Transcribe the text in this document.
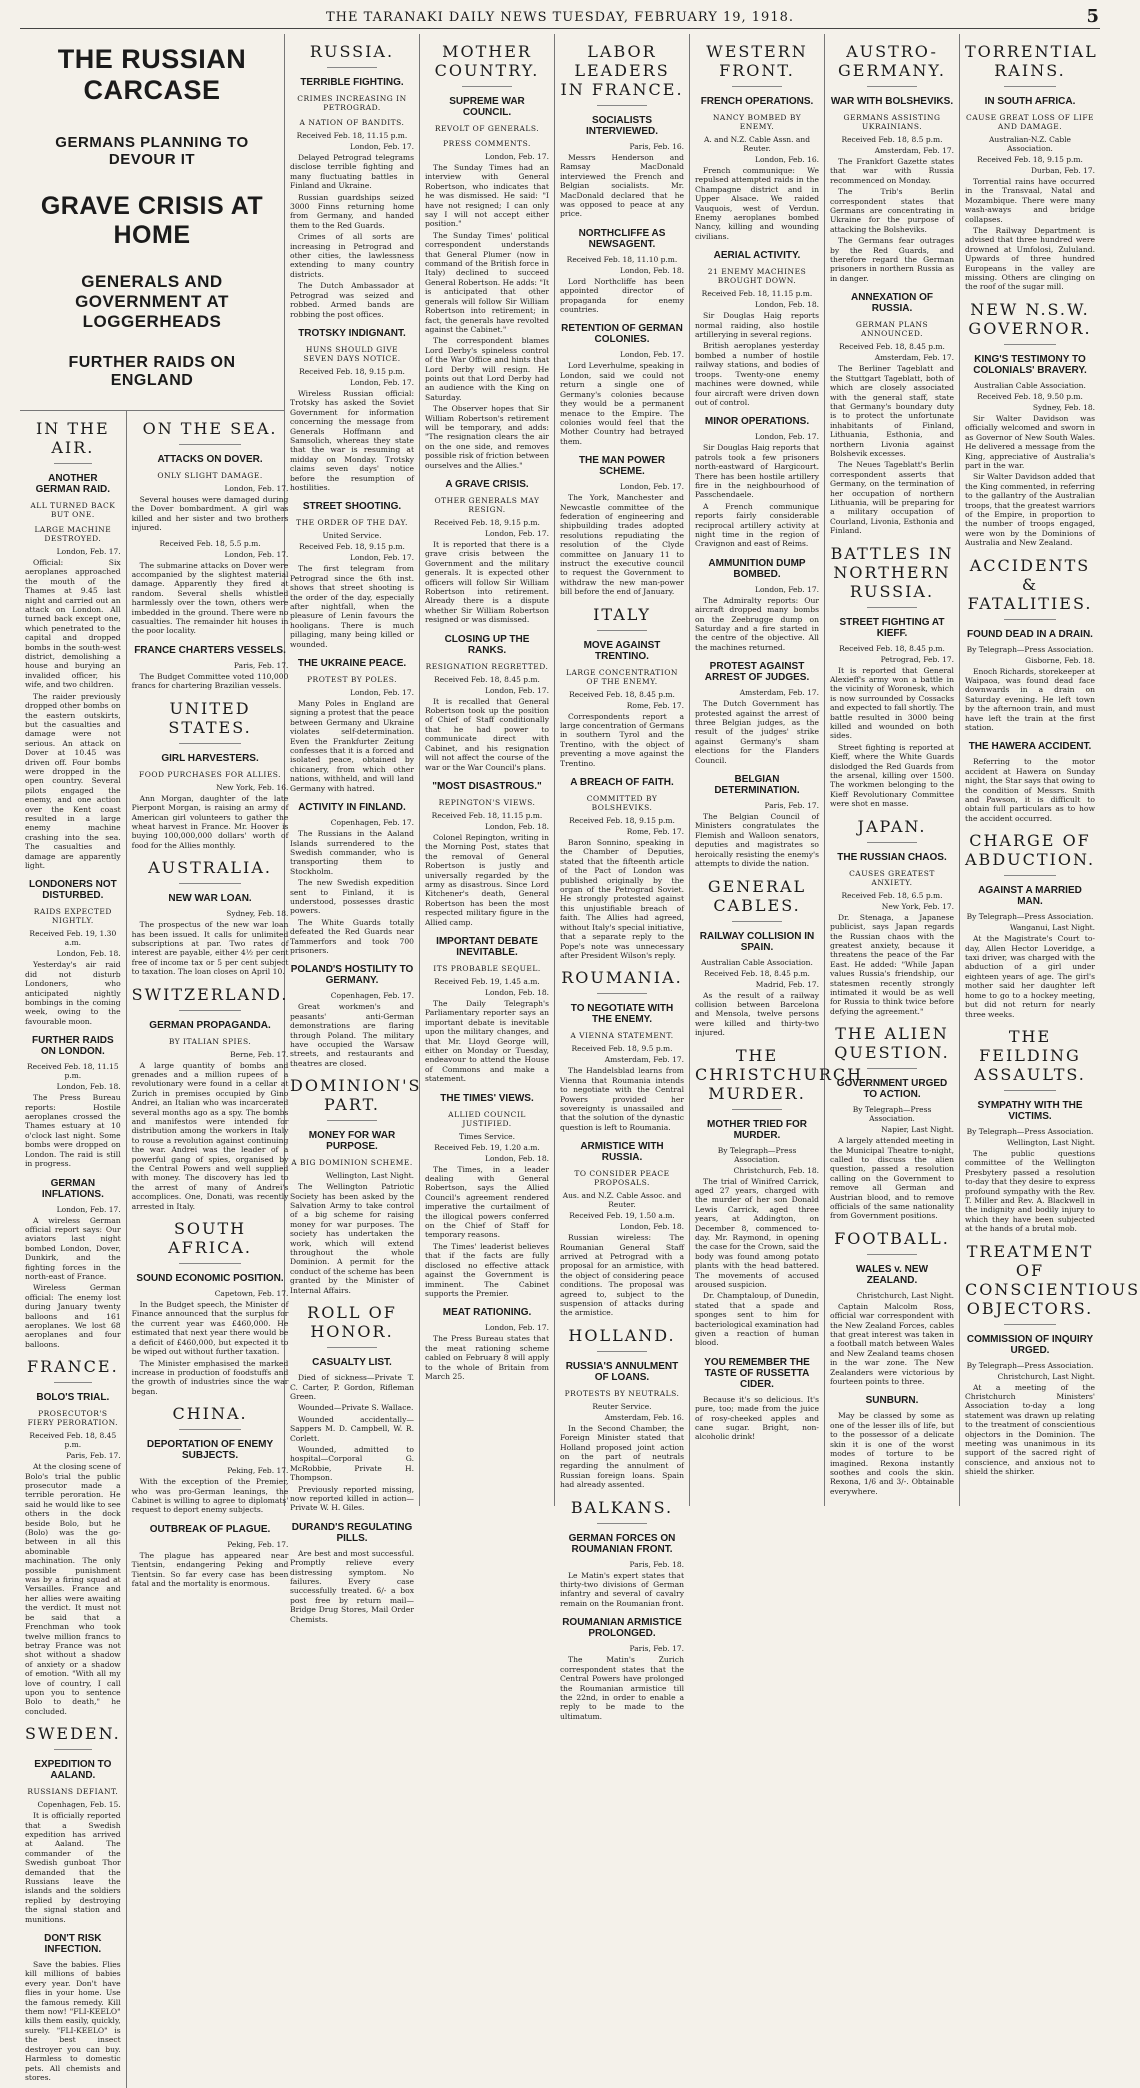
THE TARANAKI DAILY NEWS TUESDAY, FEBRUARY 19, 1918.	5
THE RUSSIAN CARCASE
GERMANS PLANNING TO DEVOUR IT
GRAVE CRISIS AT HOME
GENERALS AND GOVERNMENT AT LOGGERHEADS
FURTHER RAIDS ON ENGLAND
IN THE AIR.
ANOTHER GERMAN RAID.
ALL TURNED BACK BUT ONE.
LARGE MACHINE DESTROYED.
London, Feb. 17.

Official: Six aeroplanes approached the mouth of the Thames at 9.45 last night and carried out an attack on London. All turned back except one, which penetrated to the capital and dropped bombs in the south-west district, demolishing a house and burying an invalided officer, his wife, and two children.

The raider previously dropped other bombs on the eastern outskirts, but the casualties and damage were not serious. An attack on Dover at 10.45 was driven off. Four bombs were dropped in the open country. Several pilots engaged the enemy, and one action over the Kent coast resulted in a large enemy machine crashing into the sea. The casualties and damage are apparently light.

LONDONERS NOT DISTURBED.
RAIDS EXPECTED NIGHTLY.
Received Feb. 19, 1.30 a.m.
London, Feb. 18.

Yesterday's air raid did not disturb Londoners, who anticipated nightly bombings in the coming week, owing to the favourable moon.

FURTHER RAIDS ON LONDON.
Received Feb. 18, 11.15 p.m.
London, Feb. 18.

The Press Bureau reports: Hostile aeroplanes crossed the Thames estuary at 10 o'clock last night. Some bombs were dropped on London. The raid is still in progress.

GERMAN INFLATIONS.
London, Feb. 17.

A wireless German official report says: Our aviators last night bombed London, Dover, Dunkirk, and the fighting forces in the north-east of France.

Wireless German official: The enemy lost during January twenty balloons and 161 aeroplanes. We lost 68 aeroplanes and four balloons.

FRANCE.
BOLO'S TRIAL.
PROSECUTOR'S FIERY PERORATION.
Received Feb. 18, 8.45 p.m.
Paris, Feb. 17.

At the closing scene of Bolo's trial the public prosecutor made a terrible peroration. He said he would like to see others in the dock beside Bolo, but he (Bolo) was the go-between in all this abominable machination. The only possible punishment was by a firing squad at Versailles. France and her allies were awaiting the verdict. It must not be said that a Frenchman who took twelve million francs to betray France was not shot without a shadow of anxiety or a shadow of emotion. "With all my love of country, I call upon you to sentence Bolo to death," he concluded.

SWEDEN.
EXPEDITION TO AALAND.
RUSSIANS DEFIANT.
Copenhagen, Feb. 15.

It is officially reported that a Swedish expedition has arrived at Aaland. The commander of the Swedish gunboat Thor demanded that the Russians leave the islands and the soldiers replied by destroying the signal station and munitions.

DON'T RISK INFECTION.

Save the babies. Flies kill millions of babies every year. Don't have flies in your home. Use the famous remedy. Kill them now! "FLI-KEELO" kills them easily, quickly, surely. "FLI-KEELO" is the best insect destroyer you can buy. Harmless to domestic pets. All chemists and stores.

ON THE SEA.
ATTACKS ON DOVER.
ONLY SLIGHT DAMAGE.
London, Feb. 17.

Several houses were damaged during the Dover bombardment. A girl was killed and her sister and two brothers injured.

Received Feb. 18, 5.5 p.m.
London, Feb. 17.

The submarine attacks on Dover were accompanied by the slightest material damage. Apparently they fired at random. Several shells whistled harmlessly over the town, others were imbedded in the ground. There were no casualties. The remainder hit houses in the poor locality.

FRANCE CHARTERS VESSELS.
Paris, Feb. 17.

The Budget Committee voted 110,000 francs for chartering Brazilian vessels.

UNITED STATES.
GIRL HARVESTERS.
FOOD PURCHASES FOR ALLIES.
New York, Feb. 16.

Ann Morgan, daughter of the late Pierpont Morgan, is raising an army of American girl volunteers to gather the wheat harvest in France. Mr. Hoover is buying 100,000,000 dollars' worth of food for the Allies monthly.

AUSTRALIA.
NEW WAR LOAN.
Sydney, Feb. 18.

The prospectus of the new war loan has been issued. It calls for unlimited subscriptions at par. Two rates of interest are payable, either 4½ per cent free of income tax or 5 per cent subject to taxation. The loan closes on April 10.

SWITZERLAND.
GERMAN PROPAGANDA.
BY ITALIAN SPIES.
Berne, Feb. 17.

A large quantity of bombs and grenades and a million rupees of a revolutionary were found in a cellar at Zurich in premises occupied by Gino Andrei, an Italian who was incarcerated several months ago as a spy. The bombs and manifestos were intended for distribution among the workers in Italy to rouse a revolution against continuing the war. Andrei was the leader of a powerful gang of spies, organised by the Central Powers and well supplied with money. The discovery has led to the arrest of many of Andrei's accomplices. One, Donati, was recently arrested in Italy.

SOUTH AFRICA.
SOUND ECONOMIC POSITION.
Capetown, Feb. 17.

In the Budget speech, the Minister of Finance announced that the surplus for the current year was £460,000. He estimated that next year there would be a deficit of £460,000, but expected it to be wiped out without further taxation.

The Minister emphasised the marked increase in production of foodstuffs and the growth of industries since the war began.

CHINA.
DEPORTATION OF ENEMY SUBJECTS.
Peking, Feb. 17.

With the exception of the Premier, who was pro-German leanings, the Cabinet is willing to agree to diplomats' request to deport enemy subjects.

OUTBREAK OF PLAGUE.
Peking, Feb. 17.

The plague has appeared near Tientsin, endangering Peking and Tientsin. So far every case has been fatal and the mortality is enormous.

RUSSIA.
TERRIBLE FIGHTING.
CRIMES INCREASING IN PETROGRAD.
A NATION OF BANDITS.
Received Feb. 18, 11.15 p.m.
London, Feb. 17.

Delayed Petrograd telegrams disclose terrible fighting and many fluctuating battles in Finland and Ukraine.

Russian guardships seized 3000 Finns returning home from Germany, and handed them to the Red Guards.

Crimes of all sorts are increasing in Petrograd and other cities, the lawlessness extending to many country districts.

The Dutch Ambassador at Petrograd was seized and robbed. Armed bands are robbing the post offices.

TROTSKY INDIGNANT.
HUNS SHOULD GIVE SEVEN DAYS NOTICE.
Received Feb. 18, 9.15 p.m.
London, Feb. 17.

Wireless Russian official: Trotsky has asked the Soviet Government for information concerning the message from Generals Hoffmann and Samsolich, whereas they state that the war is resuming at midday on Monday. Trotsky claims seven days' notice before the resumption of hostilities.

STREET SHOOTING.
THE ORDER OF THE DAY.
United Service.
Received Feb. 18, 9.15 p.m.
London, Feb. 17.

The first telegram from Petrograd since the 6th inst. shows that street shooting is the order of the day, especially after nightfall, when the pleasure of Lenin favours the hooligans. There is much pillaging, many being killed or wounded.

THE UKRAINE PEACE.
PROTEST BY POLES.
London, Feb. 17.

Many Poles in England are signing a protest that the peace between Germany and Ukraine violates self-determination. Even the Frankfurter Zeitung confesses that it is a forced and isolated peace, obtained by chicanery, from which other nations, withheld, and will land Germany with hatred.

ACTIVITY IN FINLAND.
Copenhagen, Feb. 17.

The Russians in the Aaland Islands surrendered to the Swedish commander, who is transporting them to Stockholm.

The new Swedish expedition sent to Finland, it is understood, possesses drastic powers.

The White Guards totally defeated the Red Guards near Tammerfors and took 700 prisoners.

POLAND'S HOSTILITY TO GERMANY.
Copenhagen, Feb. 17.

Great workmen's and peasants' anti-German demonstrations are flaring through Poland. The military have occupied the Warsaw streets, and restaurants and theatres are closed.

DOMINION'S PART.
MONEY FOR WAR PURPOSE.
A BIG DOMINION SCHEME.
Wellington, Last Night.

The Wellington Patriotic Society has been asked by the Salvation Army to take control of a big scheme for raising money for war purposes. The society has undertaken the work, which will extend throughout the whole Dominion. A permit for the conduct of the scheme has been granted by the Minister of Internal Affairs.

ROLL OF HONOR.
CASUALTY LIST.

Died of sickness—Private T. C. Carter, P. Gordon, Rifleman Green.

Wounded—Private S. Wallace.

Wounded accidentally—Sappers M. D. Campbell, W. R. Corlett.

Wounded, admitted to hospital—Corporal G. McRobbie, Private H. Thompson.

Previously reported missing, now reported killed in action—Private W. H. Giles.

DURAND'S REGULATING PILLS.

Are best and most successful. Promptly relieve every distressing symptom. No failures. Every case successfully treated. 6/- a box post free by return mail—Bridge Drug Stores, Mail Order Chemists.

MOTHER COUNTRY.
SUPREME WAR COUNCIL.
REVOLT OF GENERALS.
PRESS COMMENTS.
London, Feb. 17.

The Sunday Times had an interview with General Robertson, who indicates that he was dismissed. He said: "I have not resigned; I can only say I will not accept either position."

The Sunday Times' political correspondent understands that General Plumer (now in command of the British force in Italy) declined to succeed General Robertson. He adds: "It is anticipated that other generals will follow Sir William Robertson into retirement; in fact, the generals have revolted against the Cabinet."

The correspondent blames Lord Derby's spineless control of the War Office and hints that Lord Derby will resign. He points out that Lord Derby had an audience with the King on Saturday.

The Observer hopes that Sir William Robertson's retirement will be temporary, and adds: "The resignation clears the air on the one side, and removes possible risk of friction between ourselves and the Allies."

A GRAVE CRISIS.
OTHER GENERALS MAY RESIGN.
Received Feb. 18, 9.15 p.m.
London, Feb. 17.

It is reported that there is a grave crisis between the Government and the military generals. It is expected other officers will follow Sir William Robertson into retirement. Already there is a dispute whether Sir William Robertson resigned or was dismissed.

CLOSING UP THE RANKS.
RESIGNATION REGRETTED.
Received Feb. 18, 8.45 p.m.
London, Feb. 17.

It is recalled that General Robertson took up the position of Chief of Staff conditionally that he had power to communicate direct with Cabinet, and his resignation will not affect the course of the war or the War Council's plans.

"MOST DISASTROUS."
REPINGTON'S VIEWS.
Received Feb. 18, 11.15 p.m.
London, Feb. 18.

Colonel Repington, writing in the Morning Post, states that the removal of General Robertson is justly and universally regarded by the army as disastrous. Since Lord Kitchener's death, General Robertson has been the most respected military figure in the Allied camp.

IMPORTANT DEBATE INEVITABLE.
ITS PROBABLE SEQUEL.
Received Feb. 19, 1.45 a.m.
London, Feb. 18.

The Daily Telegraph's Parliamentary reporter says an important debate is inevitable upon the military changes, and that Mr. Lloyd George will, either on Monday or Tuesday, endeavour to attend the House of Commons and make a statement.

THE TIMES' VIEWS.
ALLIED COUNCIL JUSTIFIED.
Times Service.
Received Feb. 19, 1.20 a.m.
London, Feb. 18.

The Times, in a leader dealing with General Robertson, says the Allied Council's agreement rendered imperative the curtailment of the illogical powers conferred on the Chief of Staff for temporary reasons.

The Times' leaderist believes that if the facts are fully disclosed no effective attack against the Government is imminent. The Cabinet supports the Premier.

MEAT RATIONING.
London, Feb. 17.

The Press Bureau states that the meat rationing scheme cabled on February 8 will apply to the whole of Britain from March 25.

LABOR LEADERS IN FRANCE.
SOCIALISTS INTERVIEWED.
Paris, Feb. 16.

Messrs Henderson and Ramsay MacDonald interviewed the French and Belgian socialists. Mr. MacDonald declared that he was opposed to peace at any price.

NORTHCLIFFE AS NEWSAGENT.
Received Feb. 18, 11.10 p.m.
London, Feb. 18.

Lord Northcliffe has been appointed director of propaganda for enemy countries.

RETENTION OF GERMAN COLONIES.
London, Feb. 17.

Lord Leverhulme, speaking in London, said we could not return a single one of Germany's colonies because they would be a permanent menace to the Empire. The colonies would feel that the Mother Country had betrayed them.

THE MAN POWER SCHEME.
London, Feb. 17.

The York, Manchester and Newcastle committee of the federation of engineering and shipbuilding trades adopted resolutions repudiating the resolution of the Clyde committee on January 11 to instruct the executive council to request the Government to withdraw the new man-power bill before the end of January.

ITALY
MOVE AGAINST TRENTINO.
LARGE CONCENTRATION OF THE ENEMY.
Received Feb. 18, 8.45 p.m.
Rome, Feb. 17.

Correspondents report a large concentration of Germans in southern Tyrol and the Trentino, with the object of preventing a move against the Trentino.

A BREACH OF FAITH.
COMMITTED BY BOLSHEVIKS.
Received Feb. 18, 9.15 p.m.
Rome, Feb. 17.

Baron Sonnino, speaking in the Chamber of Deputies, stated that the fifteenth article of the Pact of London was published originally by the organ of the Petrograd Soviet. He strongly protested against this unjustifiable breach of faith. The Allies had agreed, without Italy's special initiative, that a separate reply to the Pope's note was unnecessary after President Wilson's reply.

ROUMANIA.
TO NEGOTIATE WITH THE ENEMY.
A VIENNA STATEMENT.
Received Feb. 18, 9.5 p.m.
Amsterdam, Feb. 17.

The Handelsblad learns from Vienna that Roumania intends to negotiate with the Central Powers provided her sovereignty is unassailed and that the solution of the dynastic question is left to Roumania.

ARMISTICE WITH RUSSIA.
TO CONSIDER PEACE PROPOSALS.
Aus. and N.Z. Cable Assoc. and Reuter.
Received Feb. 19, 1.50 a.m.
London, Feb. 18.

Russian wireless: The Roumanian General Staff arrived at Petrograd with a proposal for an armistice, with the object of considering peace conditions. The proposal was agreed to, subject to the suspension of attacks during the armistice.

HOLLAND.
RUSSIA'S ANNULMENT OF LOANS.
PROTESTS BY NEUTRALS.
Reuter Service.
Amsterdam, Feb. 16.

In the Second Chamber, the Foreign Minister stated that Holland proposed joint action on the part of neutrals regarding the annulment of Russian foreign loans. Spain had already assented.

BALKANS.
GERMAN FORCES ON ROUMANIAN FRONT.
Paris, Feb. 18.

Le Matin's expert states that thirty-two divisions of German infantry and several of cavalry remain on the Roumanian front.

ROUMANIAN ARMISTICE PROLONGED.
Paris, Feb. 17.

The Matin's Zurich correspondent states that the Central Powers have prolonged the Roumanian armistice till the 22nd, in order to enable a reply to be made to the ultimatum.

WESTERN FRONT.
FRENCH OPERATIONS.
NANCY BOMBED BY ENEMY.
A. and N.Z. Cable Assn. and Reuter.
London, Feb. 16.

French communique: We repulsed attempted raids in the Champagne district and in Upper Alsace. We raided Vauquois, west of Verdun. Enemy aeroplanes bombed Nancy, killing and wounding civilians.

AERIAL ACTIVITY.
21 ENEMY MACHINES BROUGHT DOWN.
Received Feb. 18, 11.15 p.m.
London, Feb. 18.

Sir Douglas Haig reports normal raiding, also hostile artillerying in several regions.

British aeroplanes yesterday bombed a number of hostile railway stations, and bodies of troops. Twenty-one enemy machines were downed, while four aircraft were driven down out of control.

MINOR OPERATIONS.
London, Feb. 17.

Sir Douglas Haig reports that patrols took a few prisoners north-eastward of Hargicourt. There has been hostile artillery fire in the neighbourhood of Passchendaele.

A French communique reports fairly considerable reciprocal artillery activity at night time in the region of Cravignon and east of Reims.

AMMUNITION DUMP BOMBED.
London, Feb. 17.

The Admiralty reports: Our aircraft dropped many bombs on the Zeebrugge dump on Saturday and a fire started in the centre of the objective. All the machines returned.

PROTEST AGAINST ARREST OF JUDGES.
Amsterdam, Feb. 17.

The Dutch Government has protested against the arrest of three Belgian judges, as the result of the judges' strike against Germany's sham elections for the Flanders Council.

BELGIAN DETERMINATION.
Paris, Feb. 17.

The Belgian Council of Ministers congratulates the Flemish and Walloon senators, deputies and magistrates so heroically resisting the enemy's attempts to divide the nation.

GENERAL CABLES.
RAILWAY COLLISION IN SPAIN.
Australian Cable Association.
Received Feb. 18, 8.45 p.m.
Madrid, Feb. 17.

As the result of a railway collision between Barcelona and Mensola, twelve persons were killed and thirty-two injured.

THE CHRISTCHURCH MURDER.
MOTHER TRIED FOR MURDER.
By Telegraph—Press Association.
Christchurch, Feb. 18.

The trial of Winifred Carrick, aged 27 years, charged with the murder of her son Donald Lewis Carrick, aged three years, at Addington, on December 8, commenced to-day. Mr. Raymond, in opening the case for the Crown, said the body was found among potato plants with the head battered. The movements of accused aroused suspicion.

Dr. Champtaloup, of Dunedin, stated that a spade and sponges sent to him for bacteriological examination had given a reaction of human blood.

YOU REMEMBER THE TASTE OF RUSSETTA CIDER.

Because it's so delicious. It's pure, too; made from the juice of rosy-cheeked apples and cane sugar. Bright, non-alcoholic drink!

AUSTRO-GERMANY.
WAR WITH BOLSHEVIKS.
GERMANS ASSISTING UKRAINIANS.
Received Feb. 18, 8.5 p.m.
Amsterdam, Feb. 17.

The Frankfort Gazette states that war with Russia recommenced on Monday.

The Trib's Berlin correspondent states that Germans are concentrating in Ukraine for the purpose of attacking the Bolsheviks.

The Germans fear outrages by the Red Guards, and therefore regard the German prisoners in northern Russia as in danger.

ANNEXATION OF RUSSIA.
GERMAN PLANS ANNOUNCED.
Received Feb. 18, 8.45 p.m.
Amsterdam, Feb. 17.

The Berliner Tageblatt and the Stuttgart Tageblatt, both of which are closely associated with the general staff, state that Germany's boundary duty is to protect the unfortunate inhabitants of Finland, Lithuania, Esthonia, and northern Livonia against Bolshevik excesses.

The Neues Tageblatt's Berlin correspondent asserts that Germany, on the termination of her occupation of northern Lithuania, will be preparing for a military occupation of Courland, Livonia, Esthonia and Finland.

BATTLES IN NORTHERN RUSSIA.
STREET FIGHTING AT KIEFF.
Received Feb. 18, 8.45 p.m.
Petrograd, Feb. 17.

It is reported that General Alexieff's army won a battle in the vicinity of Woronesk, which is now surrounded by Cossacks and expected to fall shortly. The battle resulted in 3000 being killed and wounded on both sides.

Street fighting is reported at Kieff, where the White Guards dislodged the Red Guards from the arsenal, killing over 1500. The workmen belonging to the Kieff Revolutionary Committee were shot en masse.

JAPAN.
THE RUSSIAN CHAOS.
CAUSES GREATEST ANXIETY.
Received Feb. 18, 6.5 p.m.
New York, Feb. 17.

Dr. Stenaga, a Japanese publicist, says Japan regards the Russian chaos with the greatest anxiety, because it threatens the peace of the Far East. He added: "While Japan values Russia's friendship, our statesmen recently strongly intimated it would be as well for Russia to think twice before defying the agreement."

THE ALIEN QUESTION.
GOVERNMENT URGED TO ACTION.
By Telegraph—Press Association.
Napier, Last Night.

A largely attended meeting in the Municipal Theatre to-night, called to discuss the alien question, passed a resolution calling on the Government to remove all German and Austrian blood, and to remove officials of the same nationality from Government positions.

FOOTBALL.
WALES v. NEW ZEALAND.
Christchurch, Last Night.

Captain Malcolm Ross, official war correspondent with the New Zealand Forces, cables that great interest was taken in a football match between Wales and New Zealand teams chosen in the war zone. The New Zealanders were victorious by fourteen points to three.

SUNBURN.

May be classed by some as one of the lesser ills of life, but to the possessor of a delicate skin it is one of the worst modes of torture to be imagined. Rexona instantly soothes and cools the skin. Rexona, 1/6 and 3/-. Obtainable everywhere.

TORRENTIAL RAINS.
IN SOUTH AFRICA.
CAUSE GREAT LOSS OF LIFE AND DAMAGE.
Australian-N.Z. Cable Association.
Received Feb. 18, 9.15 p.m.
Durban, Feb. 17.

Torrential rains have occurred in the Transvaal, Natal and Mozambique. There were many wash-aways and bridge collapses.

The Railway Department is advised that three hundred were drowned at Umfolosi, Zululand. Upwards of three hundred Europeans in the valley are missing. Others are clinging on the roof of the sugar mill.

NEW N.S.W. GOVERNOR.
KING'S TESTIMONY TO COLONIALS' BRAVERY.
Australian Cable Association.
Received Feb. 18, 9.50 p.m.
Sydney, Feb. 18.

Sir Walter Davidson was officially welcomed and sworn in as Governor of New South Wales. He delivered a message from the King, appreciative of Australia's part in the war.

Sir Walter Davidson added that the King commented, in referring to the gallantry of the Australian troops, that the greatest warriors of the Empire, in proportion to the number of troops engaged, were won by the Dominions of Australia and New Zealand.

ACCIDENTS & FATALITIES.
FOUND DEAD IN A DRAIN.
By Telegraph—Press Association.
Gisborne, Feb. 18.

Enoch Richards, storekeeper at Waipaoa, was found dead face downwards in a drain on Saturday evening. He left town by the afternoon train, and must have left the train at the first station.

THE HAWERA ACCIDENT.

Referring to the motor accident at Hawera on Sunday night, the Star says that owing to the condition of Messrs. Smith and Pawson, it is difficult to obtain full particulars as to how the accident occurred.

CHARGE OF ABDUCTION.
AGAINST A MARRIED MAN.
By Telegraph—Press Association.
Wanganui, Last Night.

At the Magistrate's Court to-day, Allen Hector Loveridge, a taxi driver, was charged with the abduction of a girl under eighteen years of age. The girl's mother said her daughter left home to go to a hockey meeting, but did not return for nearly three weeks.

THE FEILDING ASSAULTS.
SYMPATHY WITH THE VICTIMS.
By Telegraph—Press Association.
Wellington, Last Night.

The public questions committee of the Wellington Presbytery passed a resolution to-day that they desire to express profound sympathy with the Rev. T. Miller and Rev. A. Blackwell in the indignity and bodily injury to which they have been subjected at the hands of a brutal mob.

TREATMENT OF CONSCIENTIOUS OBJECTORS.
COMMISSION OF INQUIRY URGED.
By Telegraph—Press Association.
Christchurch, Last Night.

At a meeting of the Christchurch Ministers' Association to-day a long statement was drawn up relating to the treatment of conscientious objectors in the Dominion. The meeting was unanimous in its support of the sacred right of conscience, and anxious not to shield the shirker.
